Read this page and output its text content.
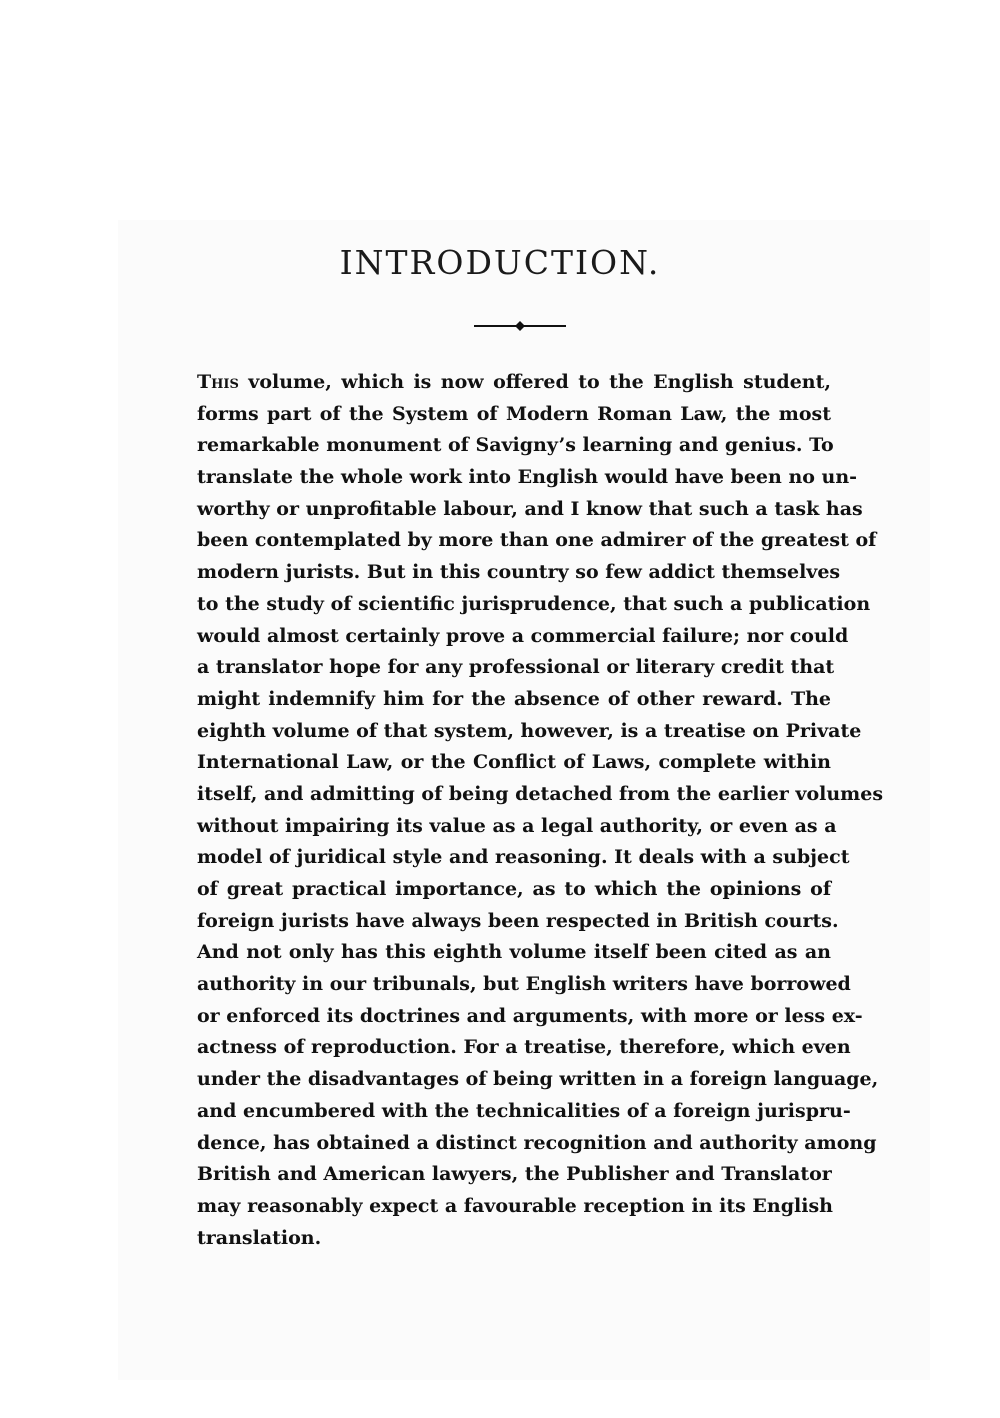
INTRODUCTION.
This volume, which is now offered to the English student,
forms part of the System of Modern Roman Law, the most
remarkable monument of Savigny’s learning and genius. To
translate the whole work into English would have been no un-
worthy or unprofitable labour, and I know that such a task has
been contemplated by more than one admirer of the greatest of
modern jurists. But in this country so few addict themselves
to the study of scientific jurisprudence, that such a publication
would almost certainly prove a commercial failure; nor could
a translator hope for any professional or literary credit that
might indemnify him for the absence of other reward. The
eighth volume of that system, however, is a treatise on Private
International Law, or the Conflict of Laws, complete within
itself, and admitting of being detached from the earlier volumes
without impairing its value as a legal authority, or even as a
model of juridical style and reasoning. It deals with a subject
of great practical importance, as to which the opinions of
foreign jurists have always been respected in British courts.
And not only has this eighth volume itself been cited as an
authority in our tribunals, but English writers have borrowed
or enforced its doctrines and arguments, with more or less ex-
actness of reproduction. For a treatise, therefore, which even
under the disadvantages of being written in a foreign language,
and encumbered with the technicalities of a foreign jurispru-
dence, has obtained a distinct recognition and authority among
British and American lawyers, the Publisher and Translator
may reasonably expect a favourable reception in its English
translation.
